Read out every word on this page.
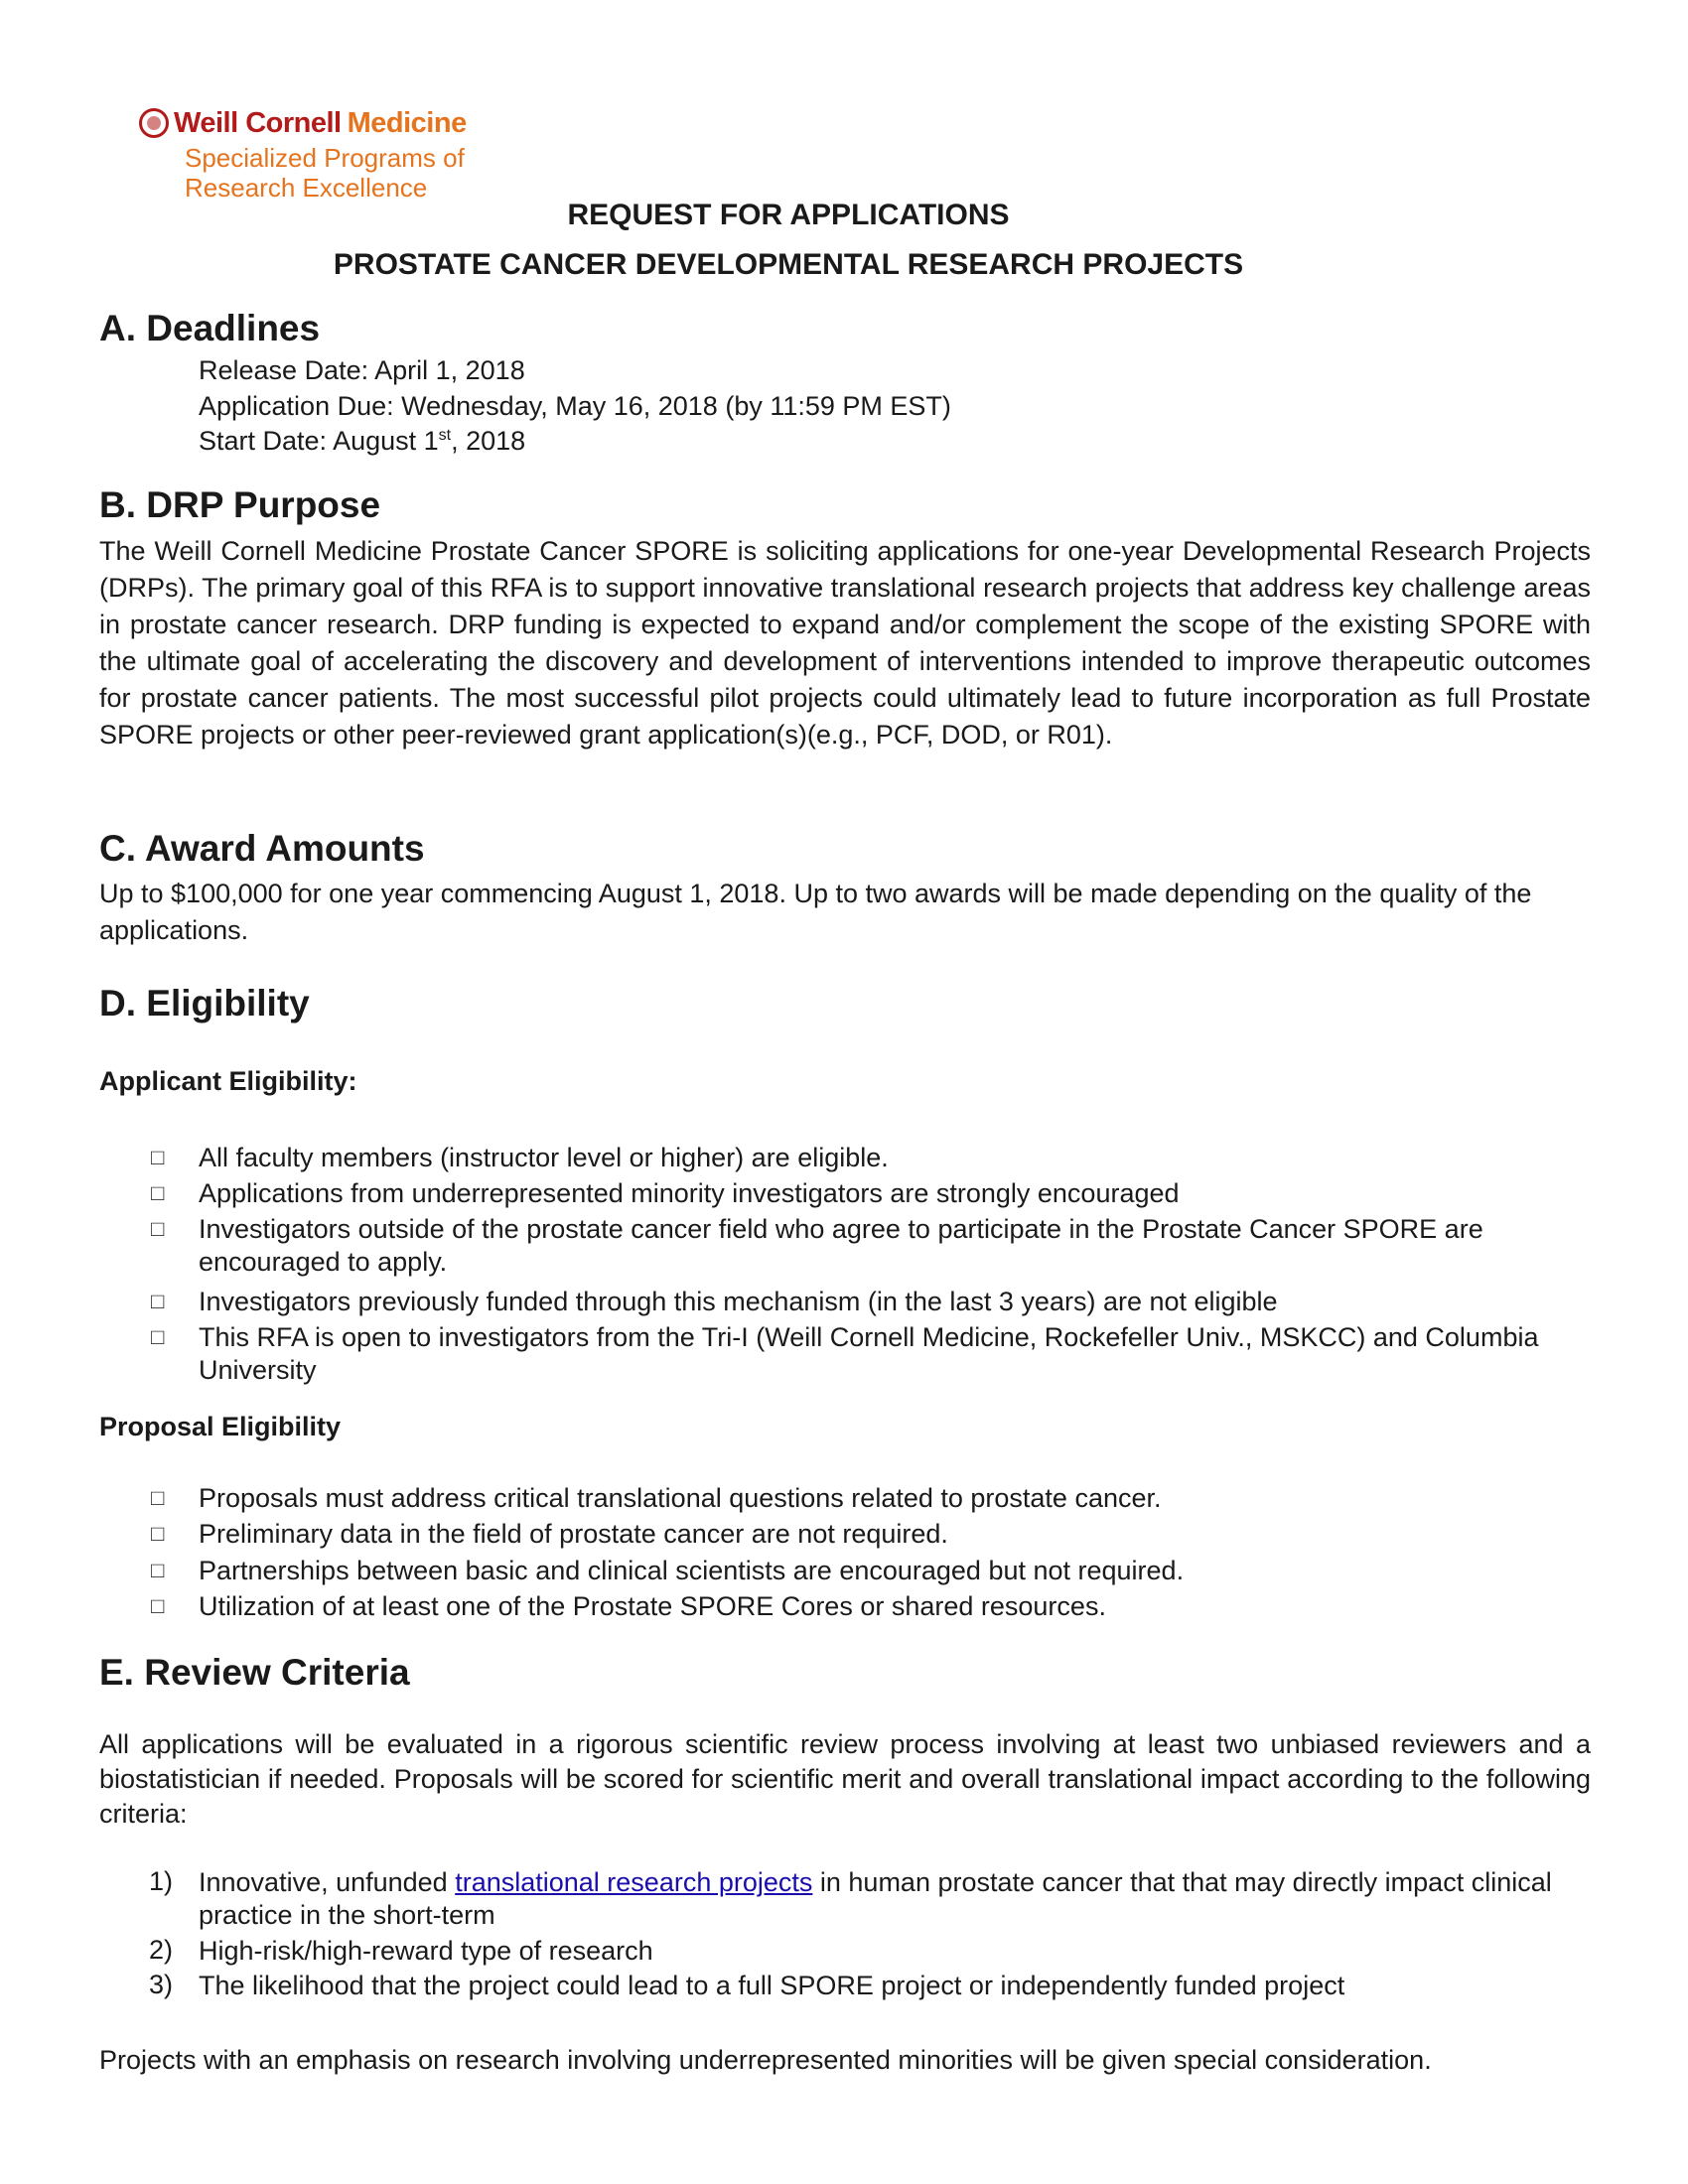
Weill Cornell Medicine
Specialized Programs of
Research Excellence
REQUEST FOR APPLICATIONS
PROSTATE CANCER DEVELOPMENTAL RESEARCH PROJECTS
A. Deadlines
Release Date: April 1, 2018
Application Due: Wednesday, May 16, 2018 (by 11:59 PM EST)
Start Date: August 1st, 2018
B. DRP Purpose
The Weill Cornell Medicine Prostate Cancer SPORE is soliciting applications for one-year Developmental Research Projects (DRPs). The primary goal of this RFA is to support innovative translational research projects that address key challenge areas in prostate cancer research. DRP funding is expected to expand and/or complement the scope of the existing SPORE with the ultimate goal of accelerating the discovery and development of interventions intended to improve therapeutic outcomes for prostate cancer patients. The most successful pilot projects could ultimately lead to future incorporation as full Prostate SPORE projects or other peer-reviewed grant application(s)(e.g., PCF, DOD, or R01).
C. Award Amounts
Up to $100,000 for one year commencing August 1, 2018. Up to two awards will be made depending on the quality of the applications.
D. Eligibility
Applicant Eligibility:
□ All faculty members (instructor level or higher) are eligible.
□ Applications from underrepresented minority investigators are strongly encouraged
□ Investigators outside of the prostate cancer field who agree to participate in the Prostate Cancer SPORE are encouraged to apply.
□ Investigators previously funded through this mechanism (in the last 3 years) are not eligible
□ This RFA is open to investigators from the Tri-I (Weill Cornell Medicine, Rockefeller Univ., MSKCC) and Columbia University
Proposal Eligibility
□ Proposals must address critical translational questions related to prostate cancer.
□ Preliminary data in the field of prostate cancer are not required.
□ Partnerships between basic and clinical scientists are encouraged but not required.
□ Utilization of at least one of the Prostate SPORE Cores or shared resources.
E. Review Criteria
All applications will be evaluated in a rigorous scientific review process involving at least two unbiased reviewers and a biostatistician if needed. Proposals will be scored for scientific merit and overall translational impact according to the following criteria:
1) Innovative, unfunded translational research projects in human prostate cancer that that may directly impact clinical practice in the short-term
2) High-risk/high-reward type of research
3) The likelihood that the project could lead to a full SPORE project or independently funded project
Projects with an emphasis on research involving underrepresented minorities will be given special consideration.
